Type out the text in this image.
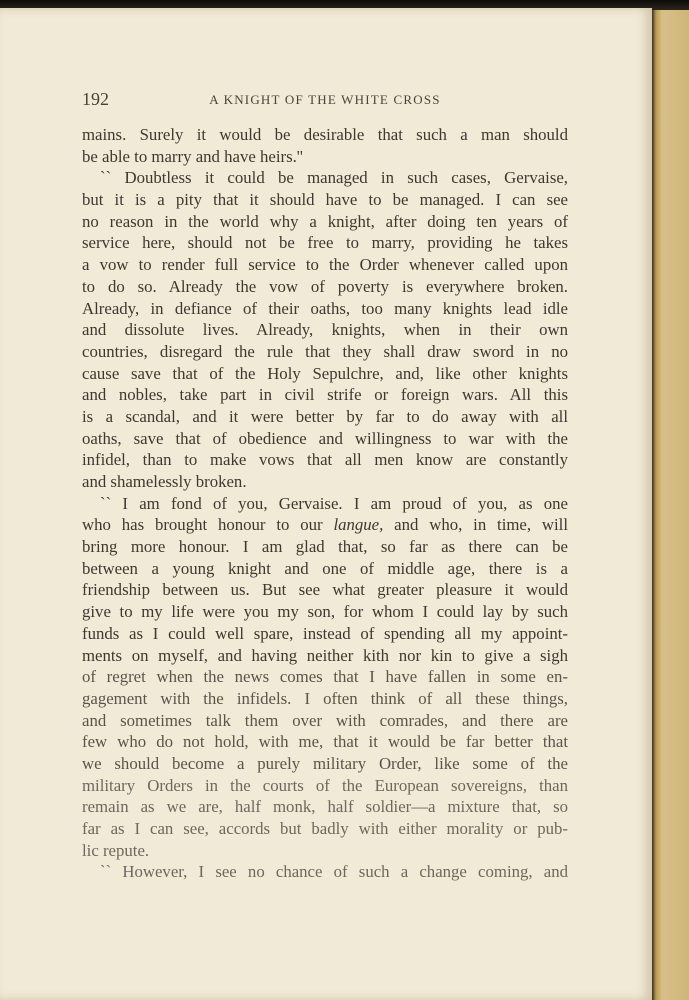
192	A KNIGHT OF THE WHITE CROSS
mains. Surely it would be desirable that such a man should
be able to marry and have heirs.''
`` Doubtless it could be managed in such cases, Gervaise,
but it is a pity that it should have to be managed. I can see
no reason in the world why a knight, after doing ten years of
service here, should not be free to marry, providing he takes
a vow to render full service to the Order whenever called upon
to do so. Already the vow of poverty is everywhere broken.
Already, in defiance of their oaths, too many knights lead idle
and dissolute lives. Already, knights, when in their own
countries, disregard the rule that they shall draw sword in no
cause save that of the Holy Sepulchre, and, like other knights
and nobles, take part in civil strife or foreign wars. All this
is a scandal, and it were better by far to do away with all
oaths, save that of obedience and willingness to war with the
infidel, than to make vows that all men know are constantly
and shamelessly broken.
`` I am fond of you, Gervaise. I am proud of you, as one
who has brought honour to our langue, and who, in time, will
bring more honour. I am glad that, so far as there can be
between a young knight and one of middle age, there is a
friendship between us. But see what greater pleasure it would
give to my life were you my son, for whom I could lay by such
funds as I could well spare, instead of spending all my appoint-
ments on myself, and having neither kith nor kin to give a sigh
of regret when the news comes that I have fallen in some en-
gagement with the infidels. I often think of all these things,
and sometimes talk them over with comrades, and there are
few who do not hold, with me, that it would be far better that
we should become a purely military Order, like some of the
military Orders in the courts of the European sovereigns, than
remain as we are, half monk, half soldier—a mixture that, so
far as I can see, accords but badly with either morality or pub-
lic repute.
`` However, I see no chance of such a change coming, and
